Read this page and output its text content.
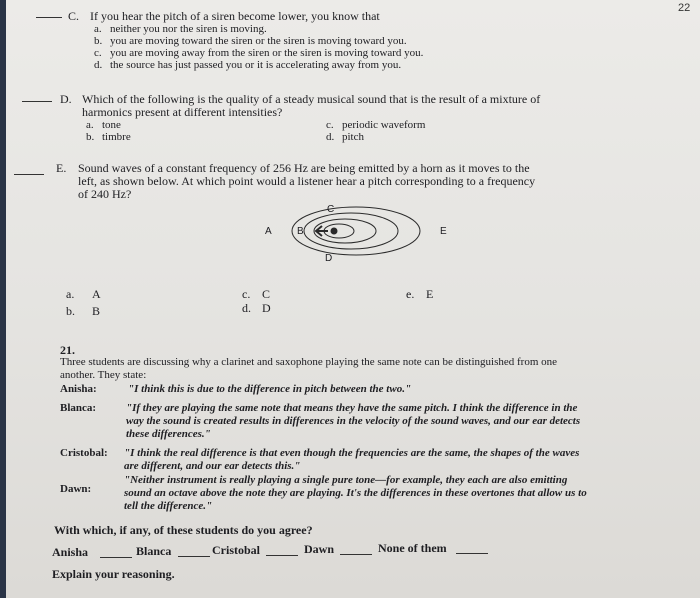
22
C. If you hear the pitch of a siren become lower, you know that
a. neither you nor the siren is moving.
b. you are moving toward the siren or the siren is moving toward you.
c. you are moving away from the siren or the siren is moving toward you.
d. the source has just passed you or it is accelerating away from you.
D. Which of the following is the quality of a steady musical sound that is the result of a mixture of
harmonics present at different intensities?
a. tone
b. timbre
c. periodic waveform
d. pitch
E. Sound waves of a constant frequency of 256 Hz are being emitted by a horn as it moves to the
left, as shown below. At which point would a listener hear a pitch corresponding to a frequency
of 240 Hz?
A	B
C
D
E
a. A
b. B
c. C
d. D
e. E
21.
Three students are discussing why a clarinet and saxophone playing the same note can be distinguished from one
another. They state:
Anisha:	"I think this is due to the difference in pitch between the two."
Blanca:	"If they are playing the same note that means they have the same pitch. I think the difference in the
way the sound is created results in differences in the velocity of the sound waves, and our ear detects
these differences."
Cristobal: "I think the real difference is that even though the frequencies are the same, the shapes of the waves
are different, and our ear detects this."
Dawn:
"Neither instrument is really playing a single pure tone—for example, they each are also emitting
sound an octave above the note they are playing. It's the differences in these overtones that allow us to
tell the difference."
With which, if any, of these students do you agree?
Anisha	Blanca	Cristobal	Dawn	None of them
Explain your reasoning.
